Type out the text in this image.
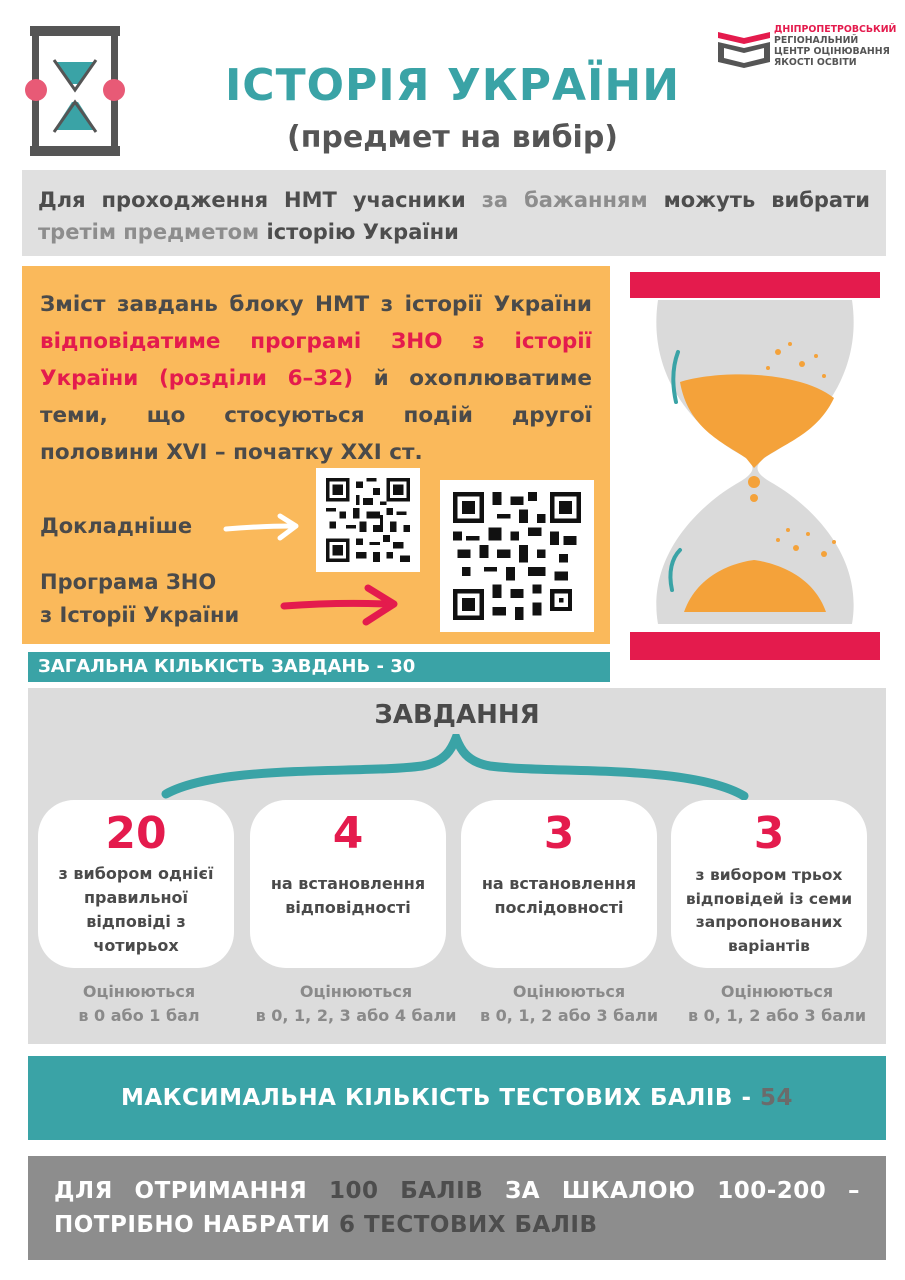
ІСТОРІЯ УКРАЇНИ
(предмет на вибір)
ДНІПРОПЕТРОВСЬКИЙ
РЕГІОНАЛЬНИЙ
ЦЕНТР ОЦІНЮВАННЯ
ЯКОСТІ ОСВІТИ
Для проходження НМТ учасники за бажанням можуть вибрати третім предметом історію України
Зміст завдань блоку НМТ з історії України відповідатиме програмі ЗНО з історії України (розділи 6–32) й охоплюватиме теми, що стосуються подій другої половини XVI – початку XXI ст.
Докладніше
Програма ЗНО
з Історії України
ЗАГАЛЬНА КІЛЬКІСТЬ ЗАВДАНЬ - 30
ЗАВДАННЯ
20
з вибором однієї правильної відповіді з чотирьох
4
на встановлення відповідності
3
на встановлення послідовності
3
з вибором трьох відповідей із семи запропонованих варіантів
Оцінюються
в 0 або 1 бал
Оцінюються
в 0, 1, 2, 3 або 4 бали
Оцінюються
в 0, 1, 2 або 3 бали
Оцінюються
в 0, 1, 2 або 3 бали
МАКСИМАЛЬНА КІЛЬКІСТЬ ТЕСТОВИХ БАЛІВ - 54
ДЛЯ ОТРИМАННЯ 100 БАЛІВ ЗА ШКАЛОЮ 100-200 – ПОТРІБНО НАБРАТИ 6 ТЕСТОВИХ БАЛІВ
